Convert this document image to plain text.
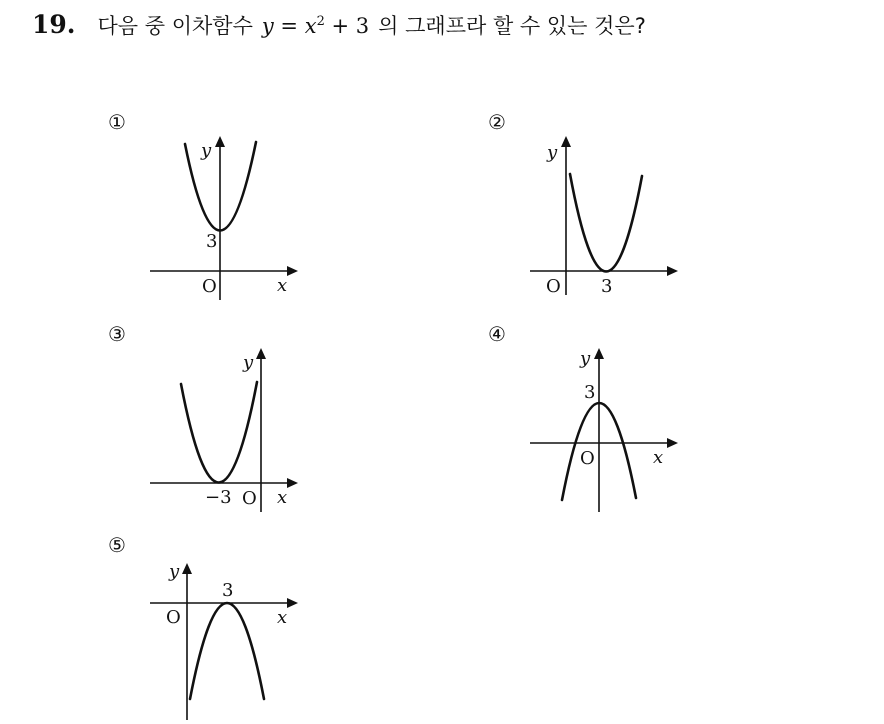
19. 다음 중 이차함수 $y = x^2 + 3$ 의 그래프라 할 수 있는 것은?
①
y
x
O
3
②
y
O 3
③
y
x
O
−3
④
y
x
O
3
⑤
y
x
O
3
